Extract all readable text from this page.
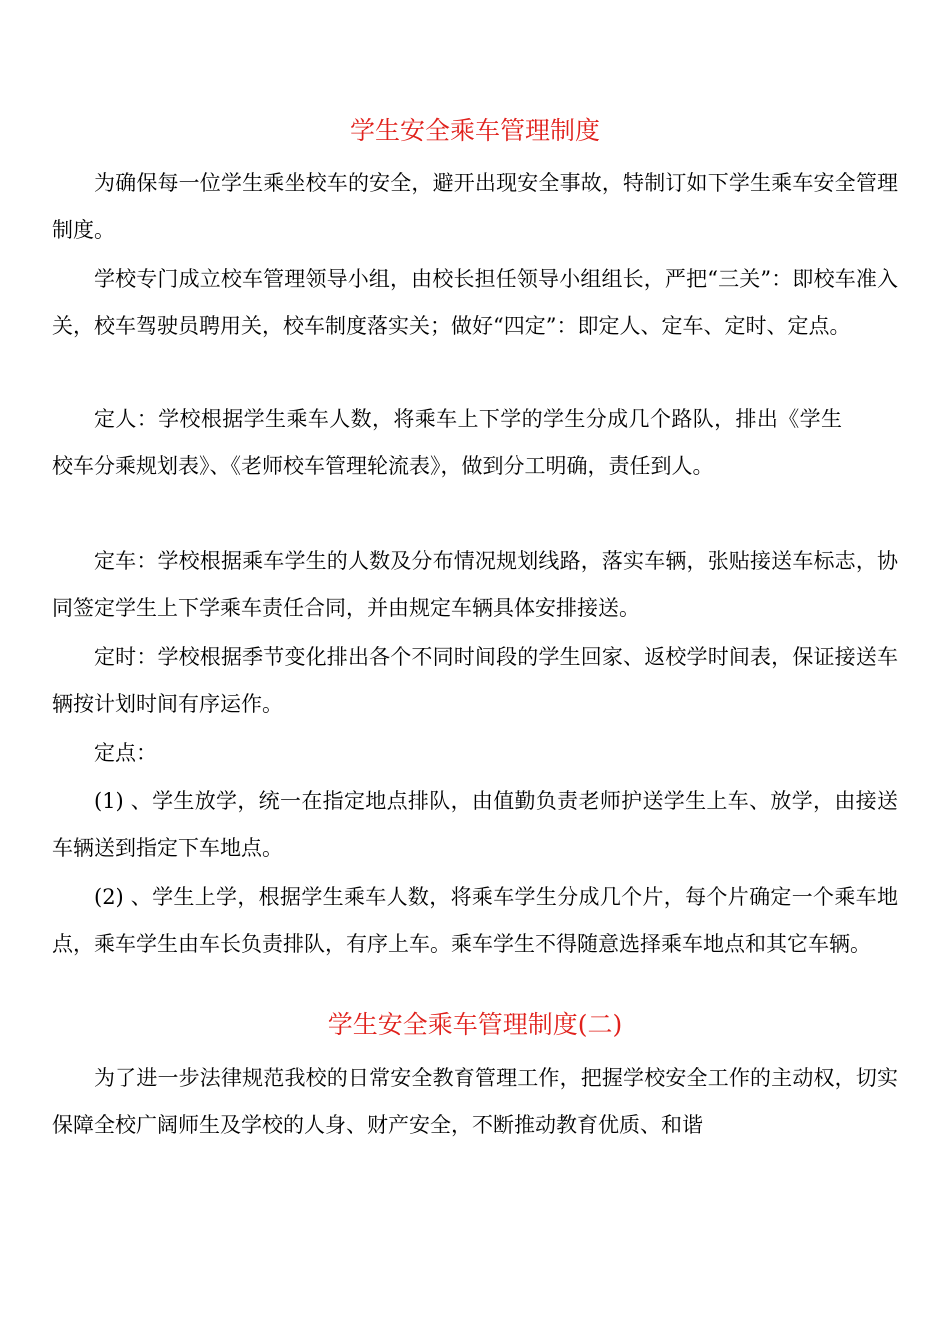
学生安全乘车管理制度
为确保每一位学生乘坐校车的安全，避开出现安全事故，特制订如下学生乘车安全管理制度。
学校专门成立校车管理领导小组，由校长担任领导小组组长，严把“三关”：即校车准入关，校车驾驶员聘用关，校车制度落实关；做好“四定”：即定人、定车、定时、定点。
定人：学校根据学生乘车人数，将乘车上下学的学生分成几个路队，排出《学生校车分乘规划表》、《老师校车管理轮流表》，做到分工明确，责任到人。
定车：学校根据乘车学生的人数及分布情况规划线路，落实车辆，张贴接送车标志，协同签定学生上下学乘车责任合同，并由规定车辆具体安排接送。
定时：学校根据季节变化排出各个不同时间段的学生回家、返校学时间表，保证接送车辆按计划时间有序运作。
定点：
(1) 、学生放学，统一在指定地点排队，由值勤负责老师护送学生上车、放学，由接送车辆送到指定下车地点。
(2) 、学生上学，根据学生乘车人数，将乘车学生分成几个片，每个片确定一个乘车地点，乘车学生由车长负责排队，有序上车。乘车学生不得随意选择乘车地点和其它车辆。
学生安全乘车管理制度(二)
为了进一步法律规范我校的日常安全教育管理工作，把握学校安全工作的主动权，切实保障全校广阔师生及学校的人身、财产安全，不断推动教育优质、和谐
